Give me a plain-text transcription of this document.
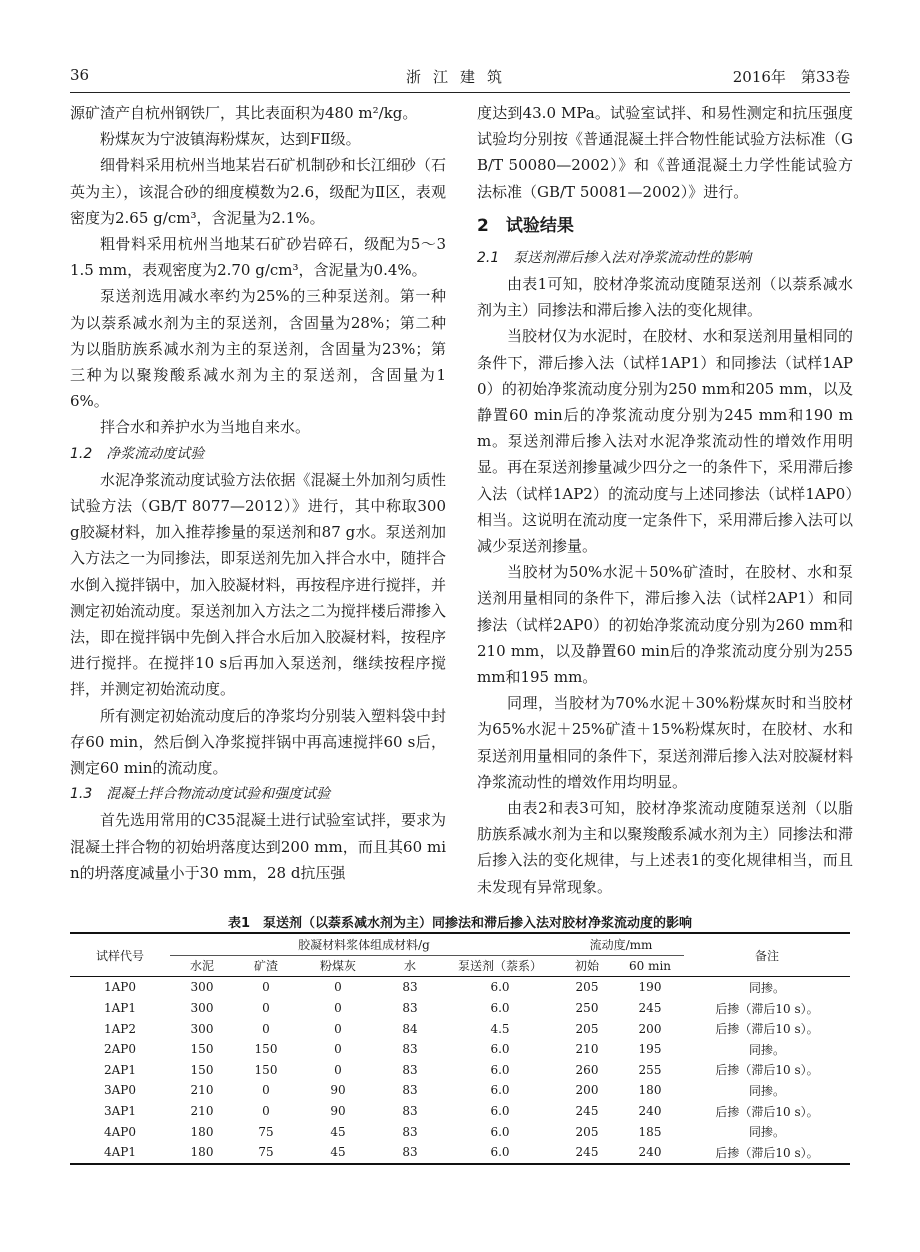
36	浙江建筑	2016年　第33卷

源矿渣产自杭州钢铁厂，其比表面积为480 m²/kg。

粉煤灰为宁波镇海粉煤灰，达到FⅡ级。

细骨料采用杭州当地某岩石矿机制砂和长江细砂（石英为主），该混合砂的细度模数为2.6，级配为Ⅱ区，表观密度为2.65 g/cm³，含泥量为2.1%。

粗骨料采用杭州当地某石矿砂岩碎石，级配为5～31.5 mm，表观密度为2.70 g/cm³，含泥量为0.4%。

泵送剂选用减水率约为25%的三种泵送剂。第一种为以萘系减水剂为主的泵送剂，含固量为28%；第二种为以脂肪族系减水剂为主的泵送剂，含固量为23%；第三种为以聚羧酸系减水剂为主的泵送剂，含固量为16%。

拌合水和养护水为当地自来水。

1.2　净浆流动度试验

水泥净浆流动度试验方法依据《混凝土外加剂匀质性试验方法（GB/T 8077—2012）》进行，其中称取300 g胶凝材料，加入推荐掺量的泵送剂和87 g水。泵送剂加入方法之一为同掺法，即泵送剂先加入拌合水中，随拌合水倒入搅拌锅中，加入胶凝材料，再按程序进行搅拌，并测定初始流动度。泵送剂加入方法之二为搅拌楼后滞掺入法，即在搅拌锅中先倒入拌合水后加入胶凝材料，按程序进行搅拌。在搅拌10 s后再加入泵送剂，继续按程序搅拌，并测定初始流动度。

所有测定初始流动度后的净浆均分别装入塑料袋中封存60 min，然后倒入净浆搅拌锅中再高速搅拌60 s后，测定60 min的流动度。

1.3　混凝土拌合物流动度试验和强度试验

首先选用常用的C35混凝土进行试验室试拌，要求为混凝土拌合物的初始坍落度达到200 mm，而且其60 min的坍落度减量小于30 mm，28 d抗压强

度达到43.0 MPa。试验室试拌、和易性测定和抗压强度试验均分别按《普通混凝土拌合物性能试验方法标准（GB/T 50080—2002）》和《普通混凝土力学性能试验方法标准（GB/T 50081—2002）》进行。

2　试验结果

2.1　泵送剂滞后掺入法对净浆流动性的影响

由表1可知，胶材净浆流动度随泵送剂（以萘系减水剂为主）同掺法和滞后掺入法的变化规律。

当胶材仅为水泥时，在胶材、水和泵送剂用量相同的条件下，滞后掺入法（试样1AP1）和同掺法（试样1AP0）的初始净浆流动度分别为250 mm和205 mm，以及静置60 min后的净浆流动度分别为245 mm和190 mm。泵送剂滞后掺入法对水泥净浆流动性的增效作用明显。再在泵送剂掺量减少四分之一的条件下，采用滞后掺入法（试样1AP2）的流动度与上述同掺法（试样1AP0）相当。这说明在流动度一定条件下，采用滞后掺入法可以减少泵送剂掺量。

当胶材为50%水泥＋50%矿渣时，在胶材、水和泵送剂用量相同的条件下，滞后掺入法（试样2AP1）和同掺法（试样2AP0）的初始净浆流动度分别为260 mm和210 mm，以及静置60 min后的净浆流动度分别为255 mm和195 mm。

同理，当胶材为70%水泥＋30%粉煤灰时和当胶材为65%水泥＋25%矿渣＋15%粉煤灰时，在胶材、水和泵送剂用量相同的条件下，泵送剂滞后掺入法对胶凝材料净浆流动性的增效作用均明显。

由表2和表3可知，胶材净浆流动度随泵送剂（以脂肪族系减水剂为主和以聚羧酸系减水剂为主）同掺法和滞后掺入法的变化规律，与上述表1的变化规律相当，而且未发现有异常现象。

表1　泵送剂（以萘系减水剂为主）同掺法和滞后掺入法对胶材净浆流动度的影响
试样代号	胶凝材料浆体组成材料/g					流动度/mm		备注
	水泥	矿渣	粉煤灰	水	泵送剂（萘系）	初始	60 min	
1AP0	300	0	0	83	6.0	205	190	同掺。
1AP1	300	0	0	83	6.0	250	245	后掺（滞后10 s）。
1AP2	300	0	0	84	4.5	205	200	后掺（滞后10 s）。
2AP0	150	150	0	83	6.0	210	195	同掺。
2AP1	150	150	0	83	6.0	260	255	后掺（滞后10 s）。
3AP0	210	0	90	83	6.0	200	180	同掺。
3AP1	210	0	90	83	6.0	245	240	后掺（滞后10 s）。
4AP0	180	75	45	83	6.0	205	185	同掺。
4AP1	180	75	45	83	6.0	245	240	后掺（滞后10 s）。
